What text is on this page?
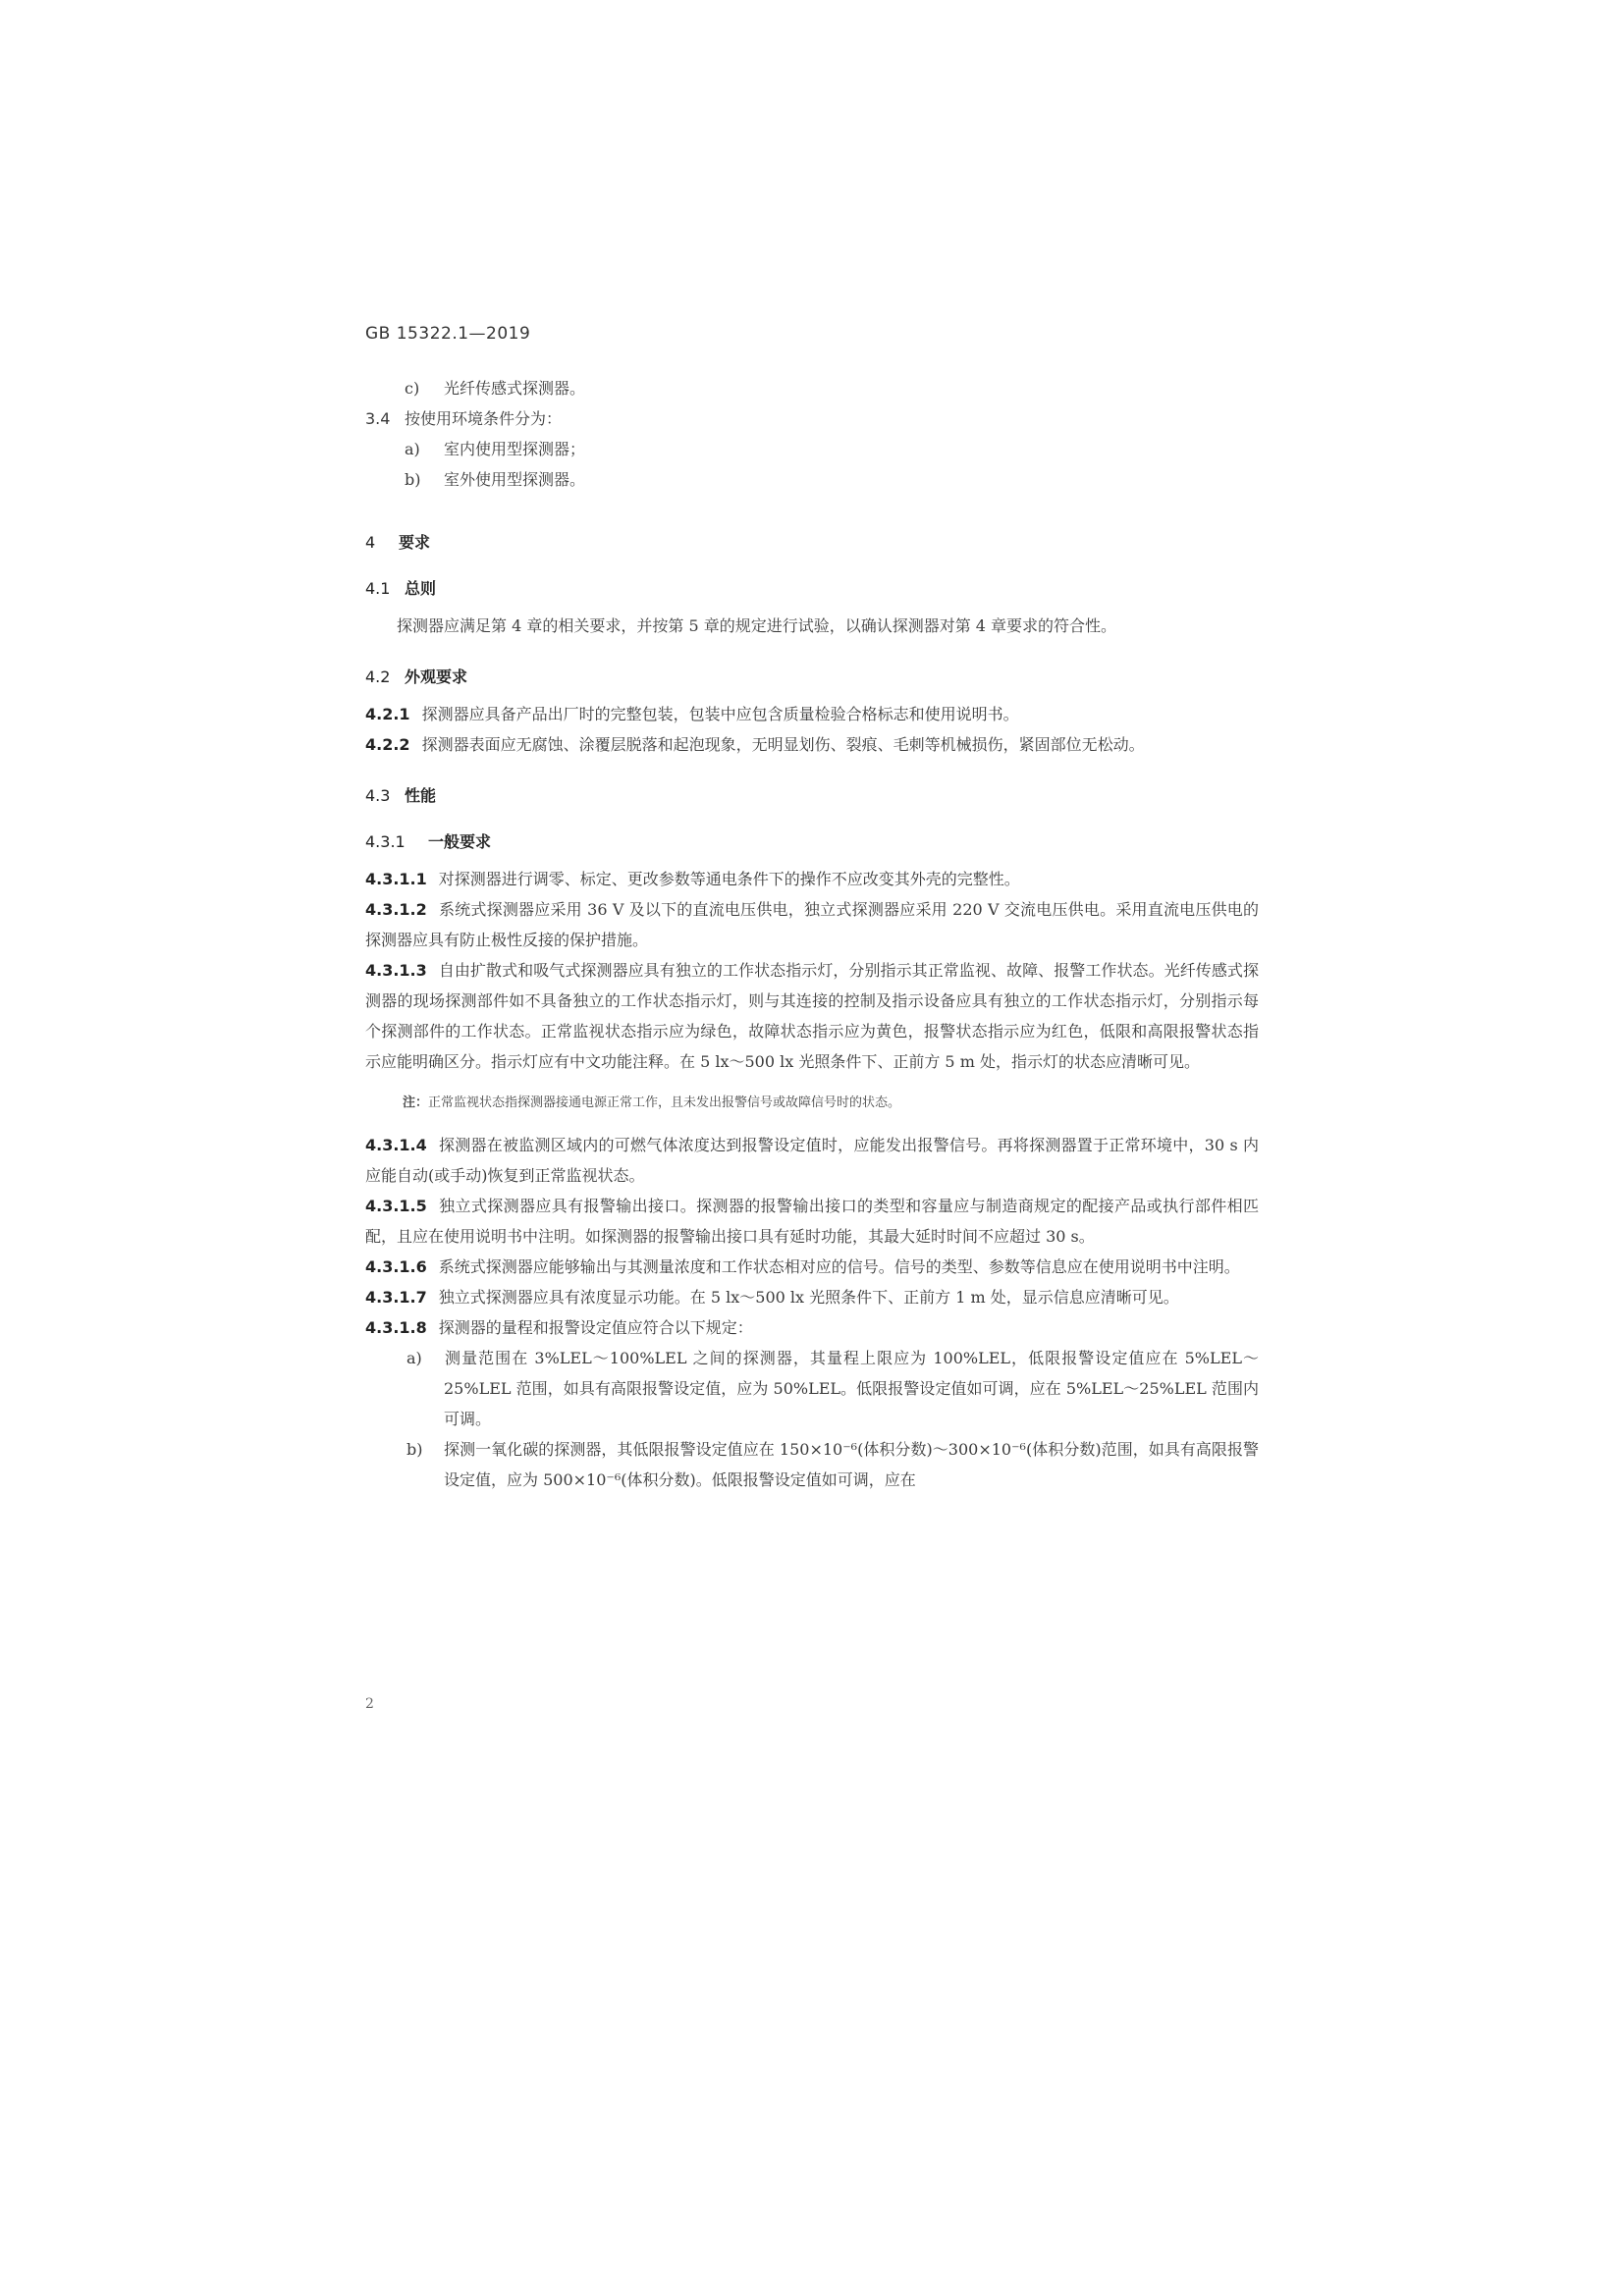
GB 15322.1—2019

c) 光纤传感式探测器。

3.4 按使用环境条件分为：

a) 室内使用型探测器；

b) 室外使用型探测器。

4 要求
4.1 总则

探测器应满足第 4 章的相关要求，并按第 5 章的规定进行试验，以确认探测器对第 4 章要求的符合性。

4.2 外观要求

4.2.1 探测器应具备产品出厂时的完整包装，包装中应包含质量检验合格标志和使用说明书。

4.2.2 探测器表面应无腐蚀、涂覆层脱落和起泡现象，无明显划伤、裂痕、毛刺等机械损伤，紧固部位无松动。

4.3 性能
4.3.1 一般要求

4.3.1.1 对探测器进行调零、标定、更改参数等通电条件下的操作不应改变其外壳的完整性。

4.3.1.2 系统式探测器应采用 36 V 及以下的直流电压供电，独立式探测器应采用 220 V 交流电压供电。采用直流电压供电的探测器应具有防止极性反接的保护措施。

4.3.1.3 自由扩散式和吸气式探测器应具有独立的工作状态指示灯，分别指示其正常监视、故障、报警工作状态。光纤传感式探测器的现场探测部件如不具备独立的工作状态指示灯，则与其连接的控制及指示设备应具有独立的工作状态指示灯，分别指示每个探测部件的工作状态。正常监视状态指示应为绿色，故障状态指示应为黄色，报警状态指示应为红色，低限和高限报警状态指示应能明确区分。指示灯应有中文功能注释。在 5 lx～500 lx 光照条件下、正前方 5 m 处，指示灯的状态应清晰可见。

注：正常监视状态指探测器接通电源正常工作，且未发出报警信号或故障信号时的状态。

4.3.1.4 探测器在被监测区域内的可燃气体浓度达到报警设定值时，应能发出报警信号。再将探测器置于正常环境中，30 s 内应能自动(或手动)恢复到正常监视状态。

4.3.1.5 独立式探测器应具有报警输出接口。探测器的报警输出接口的类型和容量应与制造商规定的配接产品或执行部件相匹配，且应在使用说明书中注明。如探测器的报警输出接口具有延时功能，其最大延时时间不应超过 30 s。

4.3.1.6 系统式探测器应能够输出与其测量浓度和工作状态相对应的信号。信号的类型、参数等信息应在使用说明书中注明。

4.3.1.7 独立式探测器应具有浓度显示功能。在 5 lx～500 lx 光照条件下、正前方 1 m 处，显示信息应清晰可见。

4.3.1.8 探测器的量程和报警设定值应符合以下规定：

a) 测量范围在 3%LEL～100%LEL 之间的探测器，其量程上限应为 100%LEL，低限报警设定值应在 5%LEL～25%LEL 范围，如具有高限报警设定值，应为 50%LEL。低限报警设定值如可调，应在 5%LEL～25%LEL 范围内可调。

b) 探测一氧化碳的探测器，其低限报警设定值应在 150×10⁻⁶(体积分数)～300×10⁻⁶(体积分数)范围，如具有高限报警设定值，应为 500×10⁻⁶(体积分数)。低限报警设定值如可调，应在

2
